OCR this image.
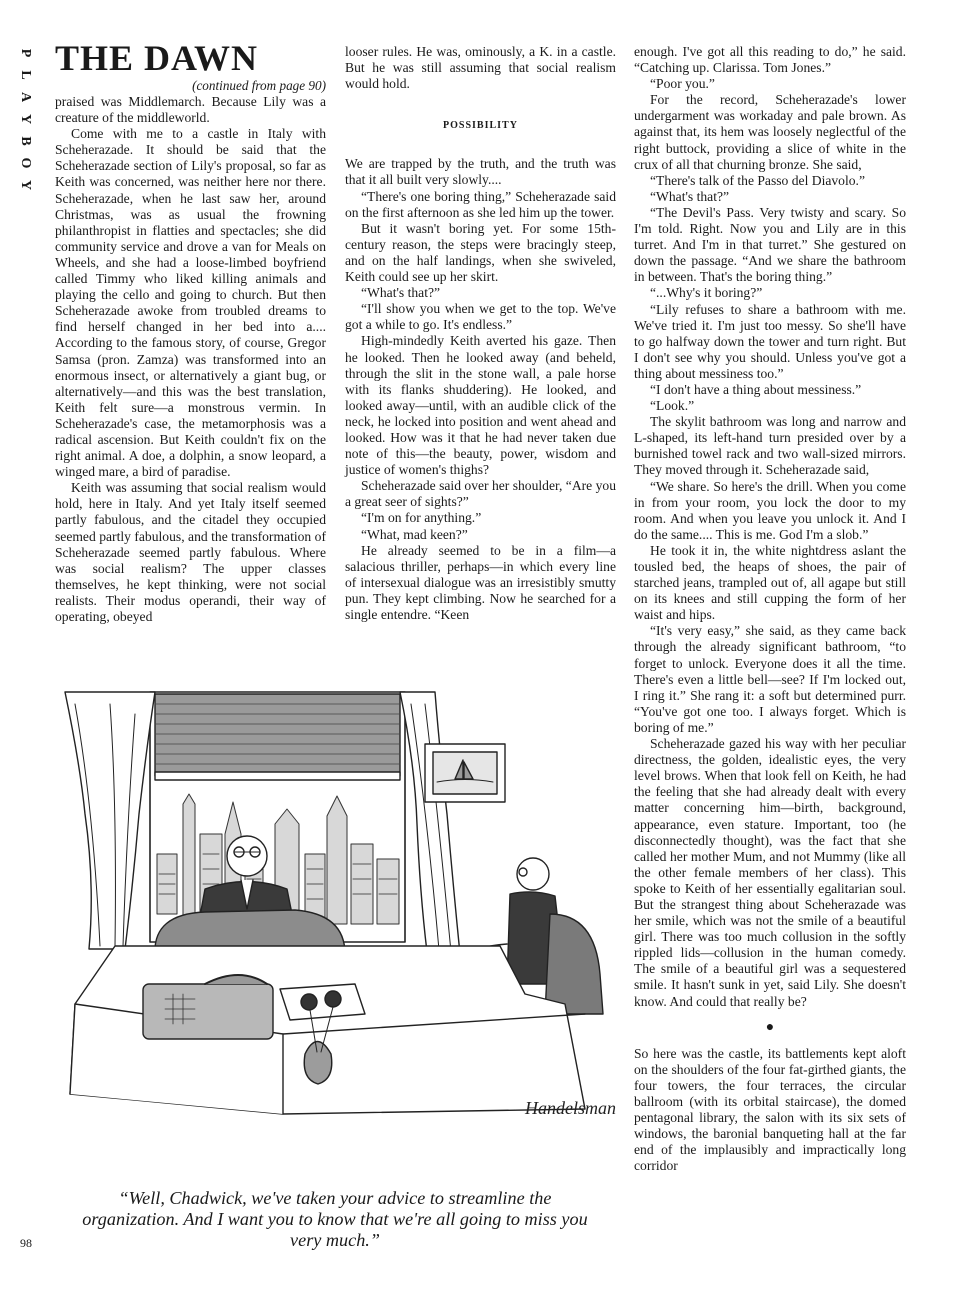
P
L
A
Y
B
O
Y
THE DAWN
(continued from page 90)

praised was Middlemarch. Because Lily was a creature of the middleworld.

Come with me to a castle in Italy with Scheherazade. It should be said that the Scheherazade section of Lily's proposal, so far as Keith was concerned, was neither here nor there. Scheherazade, when he last saw her, around Christmas, was as usual the frowning philanthropist in flatties and spectacles; she did community service and drove a van for Meals on Wheels, and she had a loose-limbed boyfriend called Timmy who liked killing animals and playing the cello and going to church. But then Scheherazade awoke from troubled dreams to find herself changed in her bed into a.... According to the famous story, of course, Gregor Samsa (pron. Zamza) was transformed into an enormous insect, or alternatively a giant bug, or alternatively—and this was the best translation, Keith felt sure—a monstrous vermin. In Scheherazade's case, the metamorphosis was a radical ascension. But Keith couldn't fix on the right animal. A doe, a dolphin, a snow leopard, a winged mare, a bird of paradise.

Keith was assuming that social realism would hold, here in Italy. And yet Italy itself seemed partly fabulous, and the citadel they occupied seemed partly fabulous, and the transformation of Scheherazade seemed partly fabulous. Where was social realism? The upper classes themselves, he kept thinking, were not social realists. Their modus operandi, their way of operating, obeyed

looser rules. He was, ominously, a K. in a castle. But he was still assuming that social realism would hold.

POSSIBILITY

We are trapped by the truth, and the truth was that it all built very slowly....

“There's one boring thing,” Scheherazade said on the first afternoon as she led him up the tower.

But it wasn't boring yet. For some 15th-century reason, the steps were bracingly steep, and on the half landings, when she swiveled, Keith could see up her skirt.

“What's that?”

“I'll show you when we get to the top. We've got a while to go. It's endless.”

High-mindedly Keith averted his gaze. Then he looked. Then he looked away (and beheld, through the slit in the stone wall, a pale horse with its flanks shuddering). He looked, and looked away—until, with an audible click of the neck, he locked into position and went ahead and looked. How was it that he had never taken due note of this—the beauty, power, wisdom and justice of women's thighs?

Scheherazade said over her shoulder, “Are you a great seer of sights?”

“I'm on for anything.”

“What, mad keen?”

He already seemed to be in a film—a salacious thriller, perhaps—in which every line of intersexual dialogue was an irresistibly smutty pun. They kept climbing. Now he searched for a single entendre. “Keen

enough. I've got all this reading to do,” he said. “Catching up. Clarissa. Tom Jones.”

“Poor you.”

For the record, Scheherazade's lower undergarment was workaday and pale brown. As against that, its hem was loosely neglectful of the right buttock, providing a slice of white in the crux of all that churning bronze. She said,

“There's talk of the Passo del Diavolo.”

“What's that?”

“The Devil's Pass. Very twisty and scary. So I'm told. Right. Now you and Lily are in this turret. And I'm in that turret.” She gestured on down the passage. “And we share the bathroom in between. That's the boring thing.”

“...Why's it boring?”

“Lily refuses to share a bathroom with me. We've tried it. I'm just too messy. So she'll have to go halfway down the tower and turn right. But I don't see why you should. Unless you've got a thing about messiness too.”

“I don't have a thing about messiness.”

“Look.”

The skylit bathroom was long and narrow and L-shaped, its left-hand turn presided over by a burnished towel rack and two wall-sized mirrors. They moved through it. Scheherazade said,

“We share. So here's the drill. When you come in from your room, you lock the door to my room. And when you leave you unlock it. And I do the same.... This is me. God I'm a slob.”

He took it in, the white nightdress aslant the tousled bed, the heaps of shoes, the pair of starched jeans, trampled out of, all agape but still on its knees and still cupping the form of her waist and hips.

“It's very easy,” she said, as they came back through the already significant bathroom, “to forget to unlock. Everyone does it all the time. There's even a little bell—see? If I'm locked out, I ring it.” She rang it: a soft but determined purr. “You've got one too. I always forget. Which is boring of me.”

Scheherazade gazed his way with her peculiar directness, the golden, idealistic eyes, the very level brows. When that look fell on Keith, he had the feeling that she had already dealt with every matter concerning him—birth, background, appearance, even stature. Important, too (he disconnectedly thought), was the fact that she called her mother Mum, and not Mummy (like all the other female members of her class). This spoke to Keith of her essentially egalitarian soul. But the strangest thing about Scheherazade was her smile, which was not the smile of a beautiful girl. There was too much collusion in the softly rippled lids—collusion in the human comedy. The smile of a beautiful girl was a sequestered smile. It hasn't sunk in yet, said Lily. She doesn't know. And could that really be?

●

So here was the castle, its battlements kept aloft on the shoulders of the four fat-girthed giants, the four towers, the four terraces, the circular ballroom (with its orbital staircase), the domed pentagonal library, the salon with its six sets of windows, the baronial banqueting hall at the far end of the implausibly and impractically long corridor

Handelsman

“Well, Chadwick, we've taken your advice to streamline the organization. And I want you to know that we're all going to miss you very much.”

98
